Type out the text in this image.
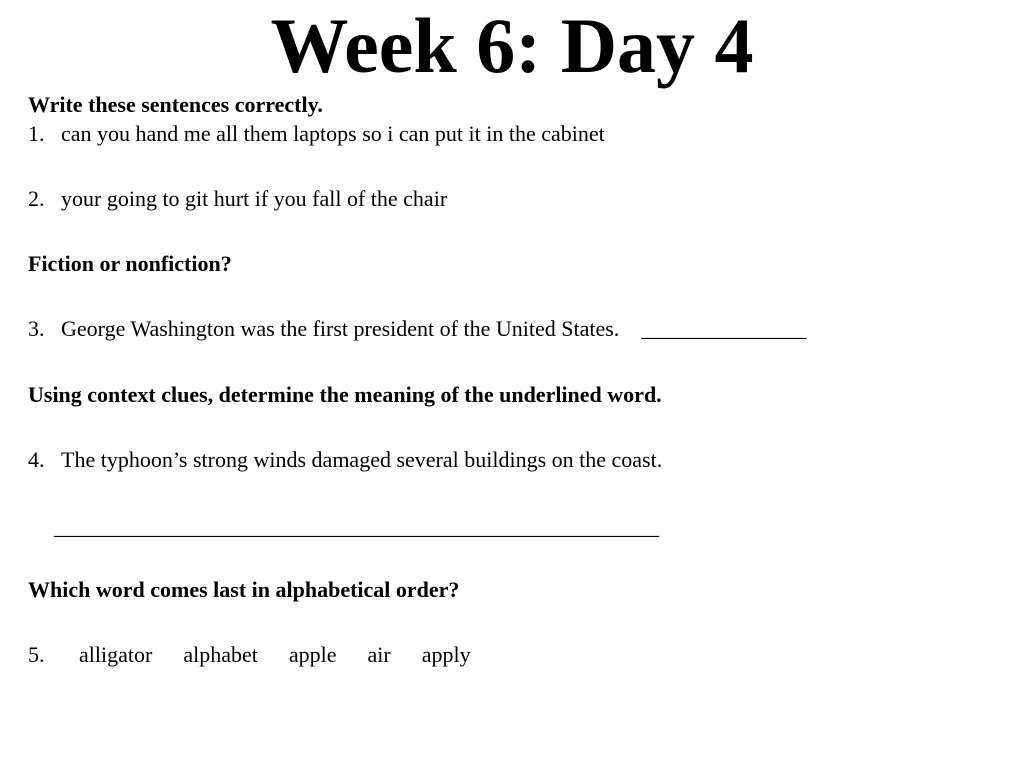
Week 6: Day 4
Write these sentences correctly.
1. can you hand me all them laptops so i can put it in the cabinet
2. your going to git hurt if you fall of the chair
Fiction or nonfiction?
3. George Washington was the first president of the United States. _______________
Using context clues, determine the meaning of the underlined word.
4. The typhoon’s strong winds damaged several buildings on the coast.
_______________________________________________________
Which word comes last in alphabetical order?
5. alligator alphabet apple air apply
